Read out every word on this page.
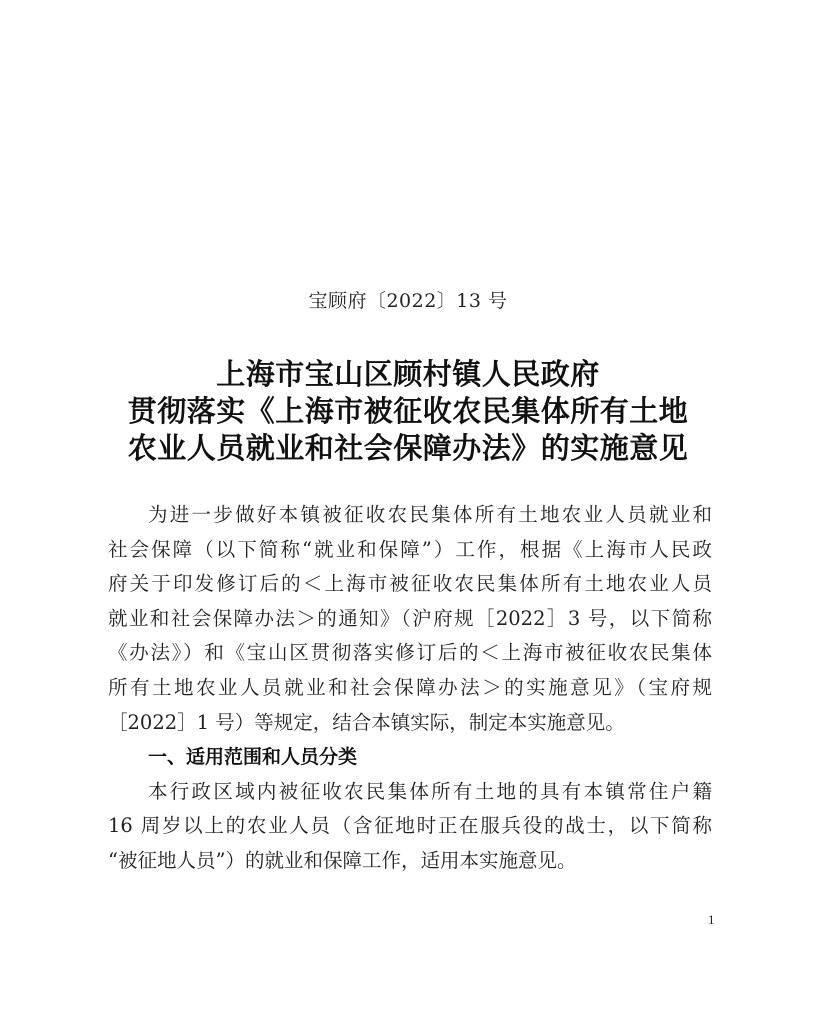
宝顾府〔2022〕13 号
上海市宝山区顾村镇人民政府
贯彻落实《上海市被征收农民集体所有土地
农业人员就业和社会保障办法》的实施意见
为进一步做好本镇被征收农民集体所有土地农业人员就业和
社会保障（以下简称“就业和保障”）工作，根据《上海市人民政
府关于印发修订后的＜上海市被征收农民集体所有土地农业人员
就业和社会保障办法＞的通知》（沪府规［2022］3 号，以下简称
《办法》）和《宝山区贯彻落实修订后的＜上海市被征收农民集体
所有土地农业人员就业和社会保障办法＞的实施意见》（宝府规
［2022］1 号）等规定，结合本镇实际，制定本实施意见。
一、适用范围和人员分类
本行政区域内被征收农民集体所有土地的具有本镇常住户籍
16 周岁以上的农业人员（含征地时正在服兵役的战士，以下简称
“被征地人员”）的就业和保障工作，适用本实施意见。
1
